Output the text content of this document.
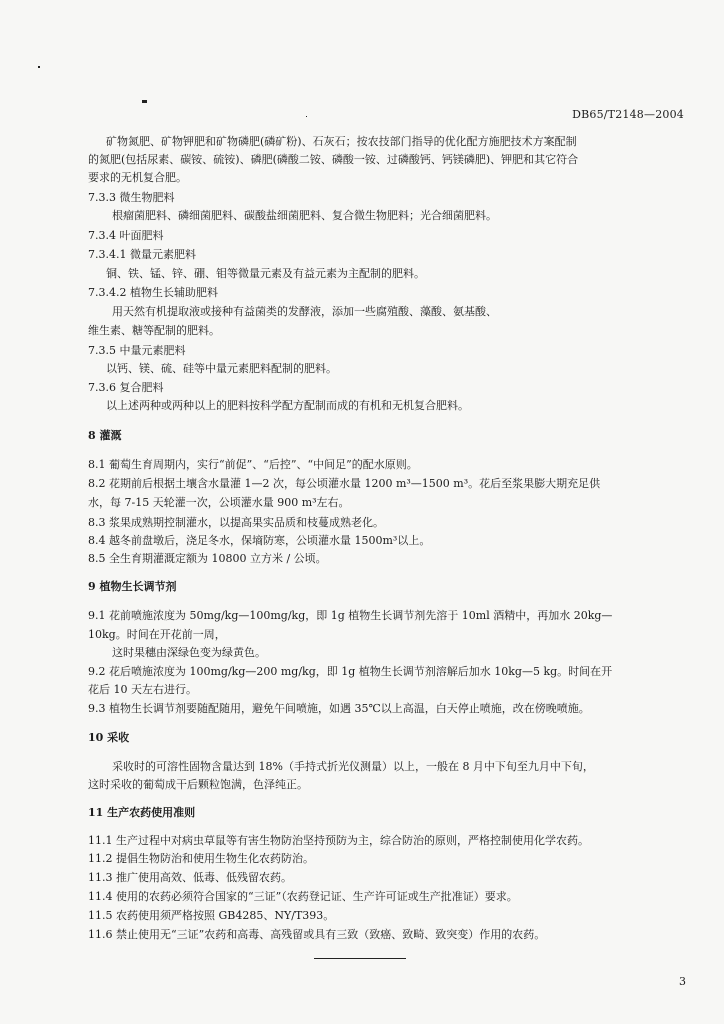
DB65/T2148—2004
矿物氮肥、矿物钾肥和矿物磷肥(磷矿粉)、石灰石；按农技部门指导的优化配方施肥技术方案配制
的氮肥(包括尿素、碳铵、硫铵)、磷肥(磷酸二铵、磷酸一铵、过磷酸钙、钙镁磷肥)、钾肥和其它符合
要求的无机复合肥。
7.3.3 微生物肥料
根瘤菌肥料、磷细菌肥料、碳酸盐细菌肥料、复合微生物肥料；光合细菌肥料。
7.3.4 叶面肥料
7.3.4.1 微量元素肥料
铜、铁、锰、锌、硼、钼等微量元素及有益元素为主配制的肥料。
7.3.4.2 植物生长辅助肥料
用天然有机提取液或接种有益菌类的发酵液，添加一些腐殖酸、藻酸、氨基酸、
维生素、糖等配制的肥料。
7.3.5 中量元素肥料
以钙、镁、硫、硅等中量元素肥料配制的肥料。
7.3.6 复合肥料
以上述两种或两种以上的肥料按科学配方配制而成的有机和无机复合肥料。
8 灌溉
8.1 葡萄生育周期内，实行“前促”、“后控”、“中间足”的配水原则。
8.2 花期前后根据土壤含水量灌 1—2 次，每公顷灌水量 1200 m³—1500 m³。花后至浆果膨大期充足供
水，每 7-15 天轮灌一次，公顷灌水量 900 m³左右。
8.3 浆果成熟期控制灌水，以提高果实品质和枝蔓成熟老化。
8.4 越冬前盘墩后，浇足冬水，保墒防寒，公顷灌水量 1500m³以上。
8.5 全生育期灌溉定额为 10800 立方米 / 公顷。
9 植物生长调节剂
9.1 花前喷施浓度为 50mg/kg—100mg/kg，即 1g 植物生长调节剂先溶于 10ml 酒精中，再加水 20kg—
10kg。时间在开花前一周，
这时果穗由深绿色变为绿黄色。
9.2 花后喷施浓度为 100mg/kg—200 mg/kg，即 1g 植物生长调节剂溶解后加水 10kg—5 kg。时间在开
花后 10 天左右进行。
9.3 植物生长调节剂要随配随用，避免午间喷施，如遇 35℃以上高温，白天停止喷施，改在傍晚喷施。
10 采收
采收时的可溶性固物含量达到 18%（手持式折光仪测量）以上，一般在 8 月中下旬至九月中下旬，
这时采收的葡萄成干后颗粒饱满，色泽纯正。
11 生产农药使用准则
11.1 生产过程中对病虫草鼠等有害生物防治坚持预防为主，综合防治的原则，严格控制使用化学农药。
11.2 提倡生物防治和使用生物生化农药防治。
11.3 推广使用高效、低毒、低残留农药。
11.4 使用的农药必须符合国家的“三证”（农药登记证、生产许可证或生产批准证）要求。
11.5 农药使用须严格按照 GB4285、NY/T393。
11.6 禁止使用无“三证”农药和高毒、高残留或具有三致（致癌、致畸、致突变）作用的农药。
3
